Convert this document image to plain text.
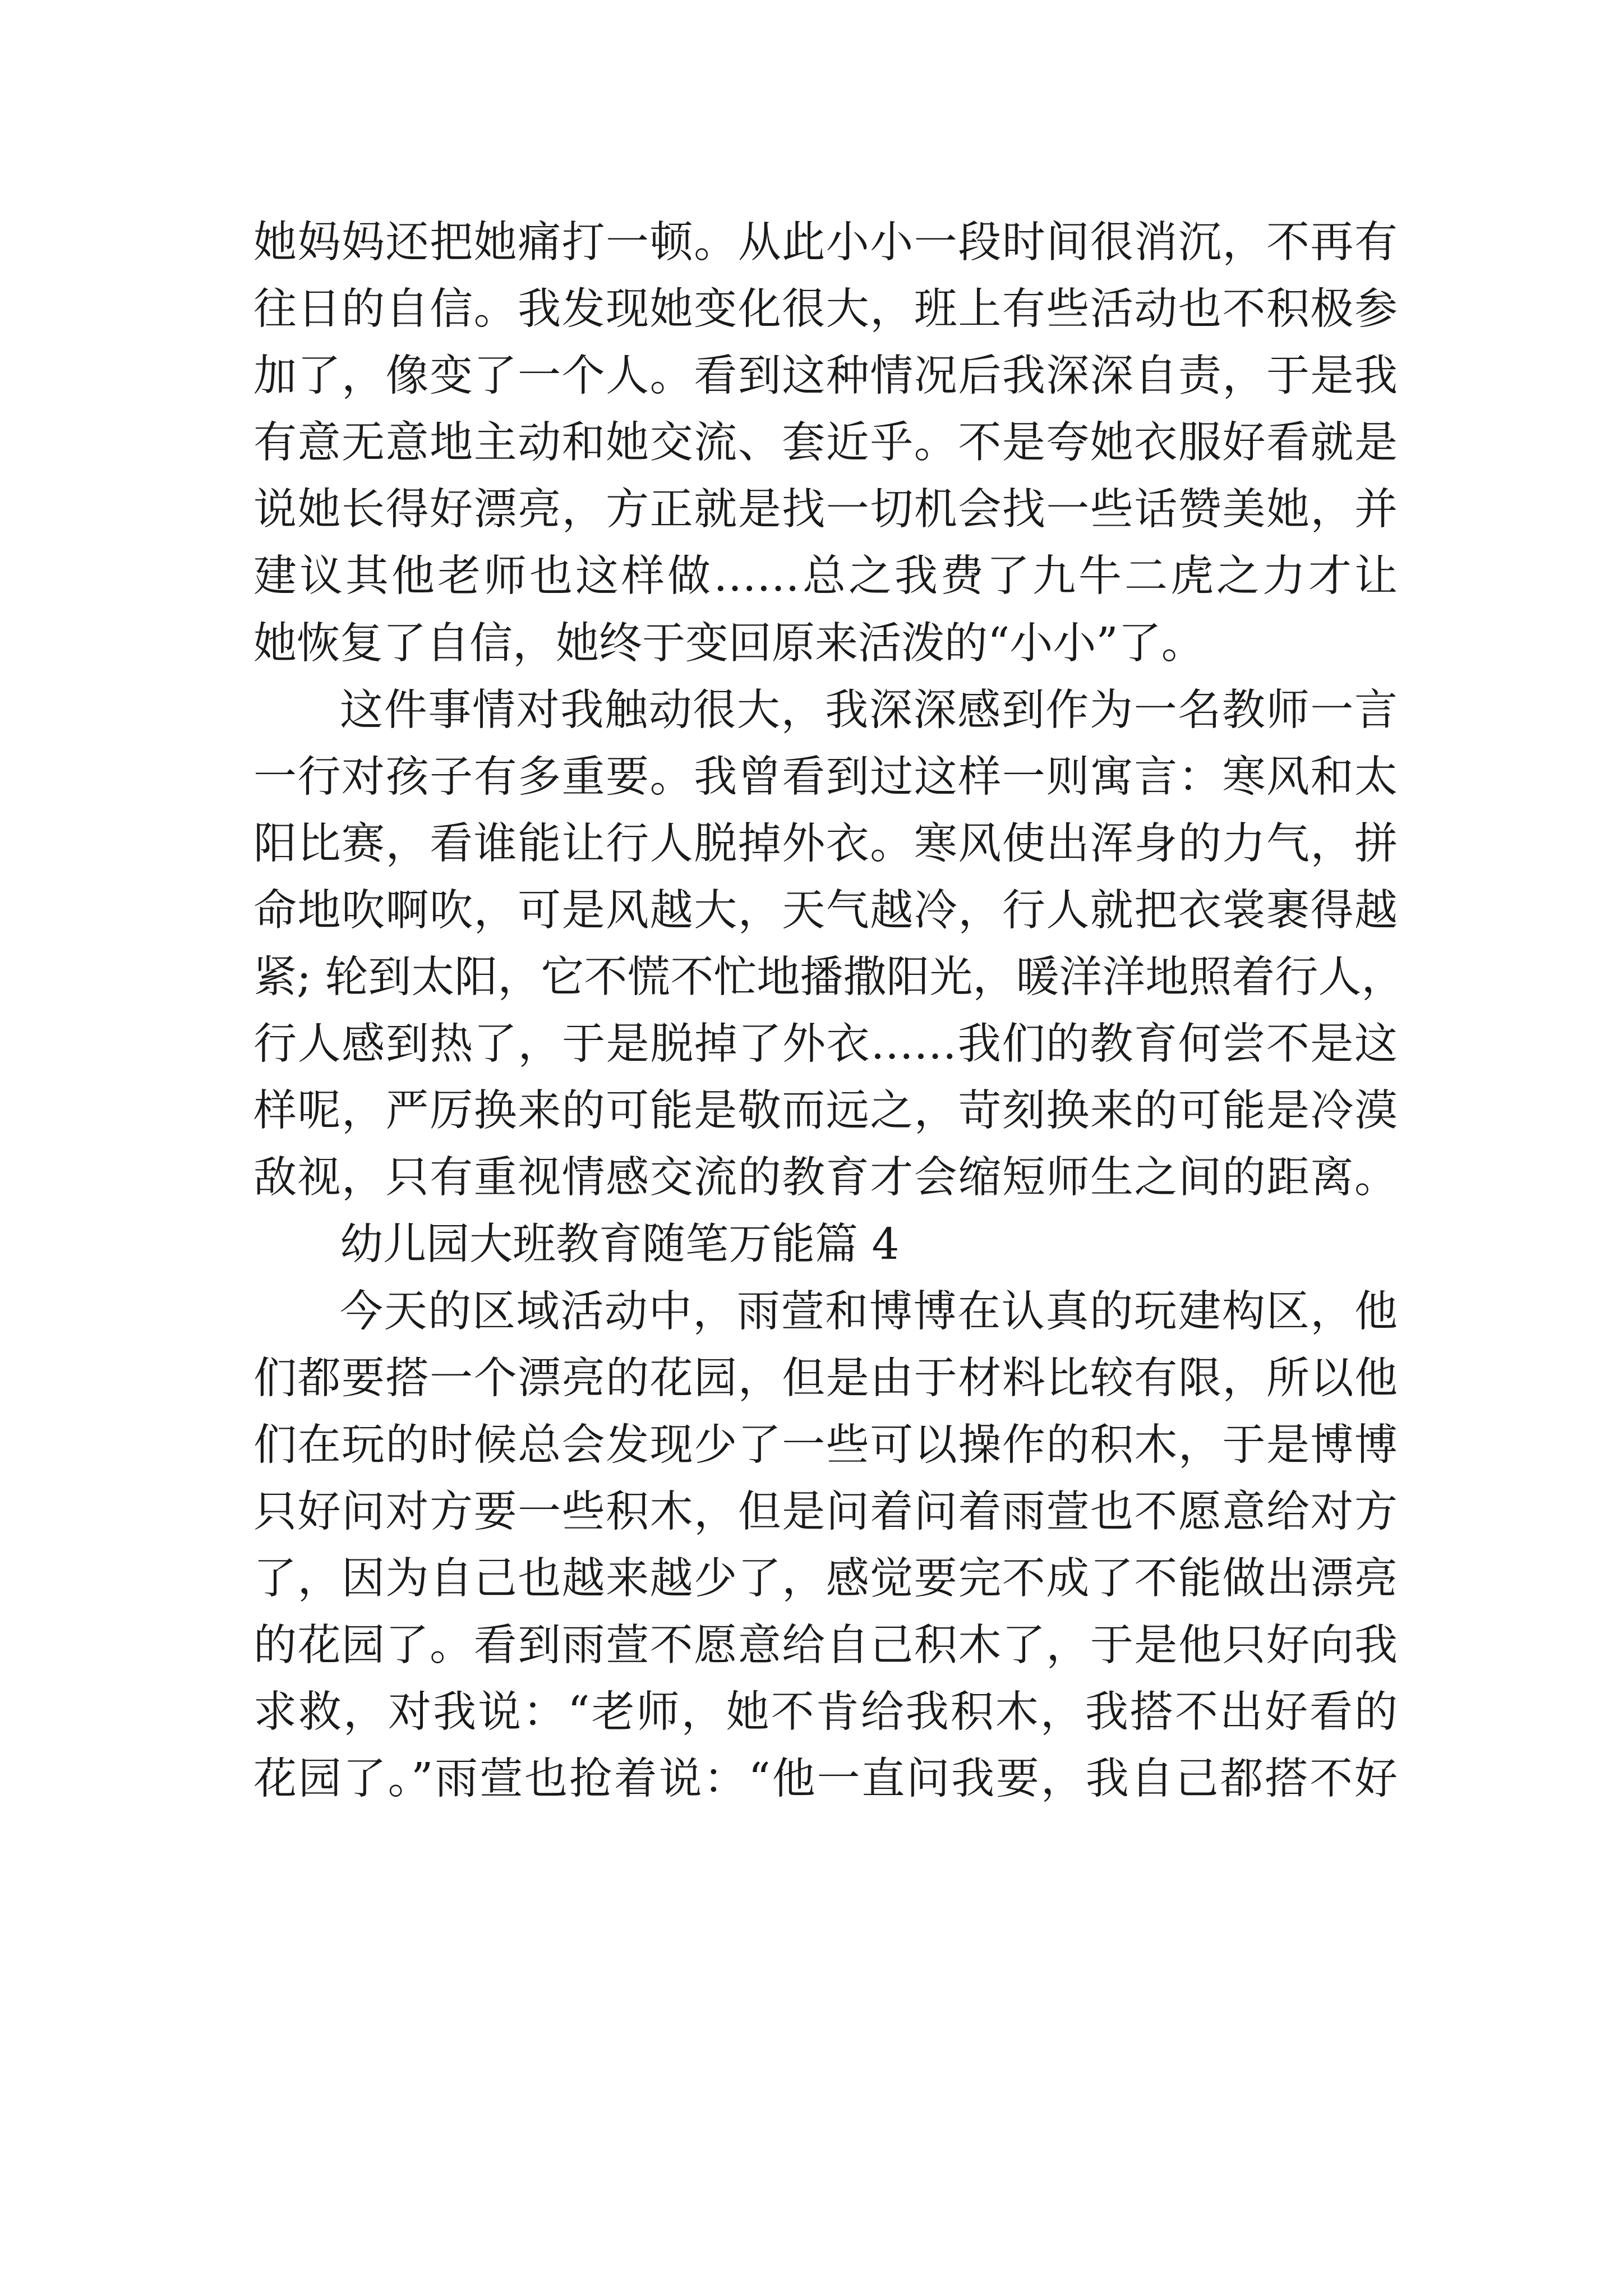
她妈妈还把她痛打一顿。从此小小一段时间很消沉，不再有
往日的自信。我发现她变化很大，班上有些活动也不积极参
加了，像变了一个人。看到这种情况后我深深自责，于是我
有意无意地主动和她交流、套近乎。不是夸她衣服好看就是
说她长得好漂亮，方正就是找一切机会找一些话赞美她，并
建议其他老师也这样做……总之我费了九牛二虎之力才让
她恢复了自信，她终于变回原来活泼的“小小”了。
这件事情对我触动很大，我深深感到作为一名教师一言
一行对孩子有多重要。我曾看到过这样一则寓言：寒风和太
阳比赛，看谁能让行人脱掉外衣。寒风使出浑身的力气，拼
命地吹啊吹，可是风越大，天气越冷，行人就把衣裳裹得越
紧; 轮到太阳，它不慌不忙地播撒阳光，暖洋洋地照着行人，
行人感到热了，于是脱掉了外衣……我们的教育何尝不是这
样呢，严厉换来的可能是敬而远之，苛刻换来的可能是冷漠
敌视，只有重视情感交流的教育才会缩短师生之间的距离。
幼儿园大班教育随笔万能篇 4
今天的区域活动中，雨萱和博博在认真的玩建构区，他
们都要搭一个漂亮的花园，但是由于材料比较有限，所以他
们在玩的时候总会发现少了一些可以操作的积木，于是博博
只好问对方要一些积木，但是问着问着雨萱也不愿意给对方
了，因为自己也越来越少了，感觉要完不成了不能做出漂亮
的花园了。看到雨萱不愿意给自己积木了，于是他只好向我
求救，对我说：“老师，她不肯给我积木，我搭不出好看的
花园了。”雨萱也抢着说：“他一直问我要，我自己都搭不好
